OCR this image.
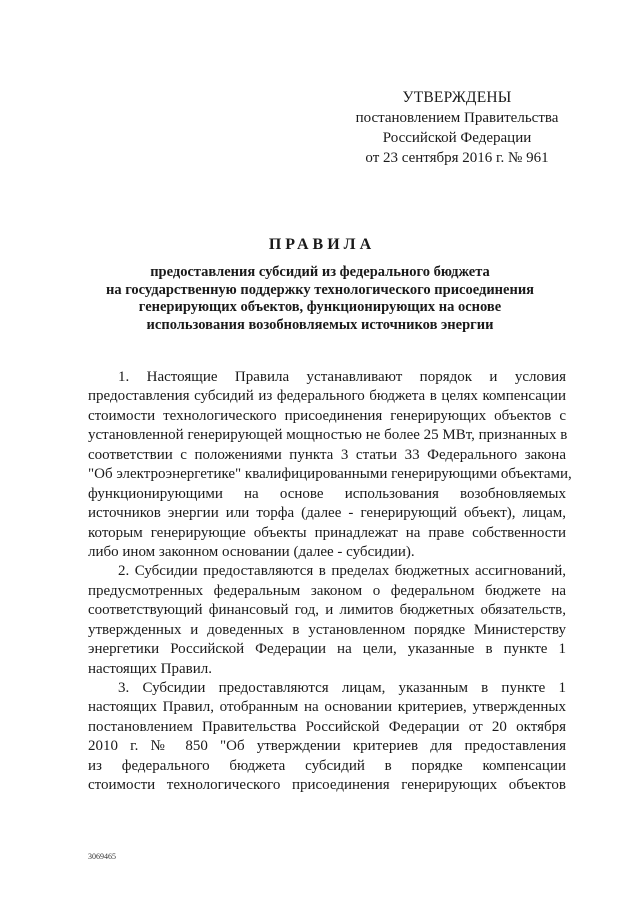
УТВЕРЖДЕНЫ
постановлением Правительства
Российской Федерации
от 23 сентября 2016 г. № 961
ПРАВИЛА
предоставления субсидий из федерального бюджета
на государственную поддержку технологического присоединения
генерирующих объектов, функционирующих на основе
использования возобновляемых источников энергии
1. Настоящие Правила устанавливают порядок и условия
предоставления субсидий из федерального бюджета в целях компенсации
стоимости технологического присоединения генерирующих объектов с
установленной генерирующей мощностью не более 25 МВт, признанных в
соответствии с положениями пункта 3 статьи 33 Федерального закона
"Об электроэнергетике" квалифицированными генерирующими объектами,
функционирующими на основе использования возобновляемых
источников энергии или торфа (далее - генерирующий объект), лицам,
которым генерирующие объекты принадлежат на праве собственности
либо ином законном основании (далее - субсидии).
2. Субсидии предоставляются в пределах бюджетных ассигнований,
предусмотренных федеральным законом о федеральном бюджете на
соответствующий финансовый год, и лимитов бюджетных обязательств,
утвержденных и доведенных в установленном порядке Министерству
энергетики Российской Федерации на цели, указанные в пункте 1
настоящих Правил.
3. Субсидии предоставляются лицам, указанным в пункте 1
настоящих Правил, отобранным на основании критериев, утвержденных
постановлением Правительства Российской Федерации от 20 октября
2010 г. № 850 "Об утверждении критериев для предоставления
из федерального бюджета субсидий в порядке компенсации
стоимости технологического присоединения генерирующих объектов
3069465
